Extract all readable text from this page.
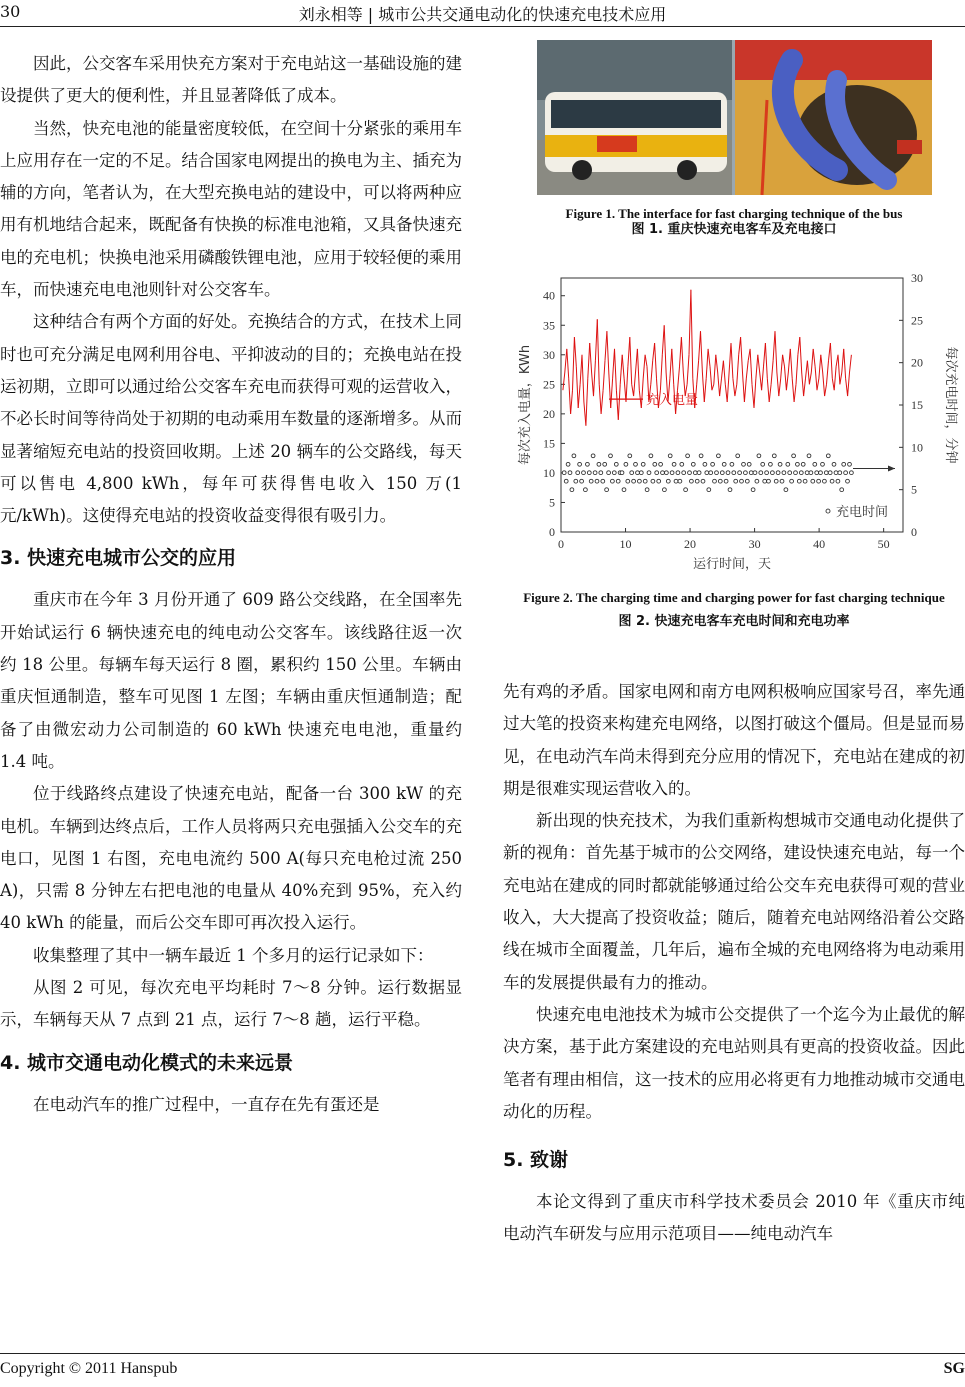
30	刘永相等 | 城市公共交通电动化的快速充电技术应用

因此，公交客车采用快充方案对于充电站这一基础设施的建设提供了更大的便利性，并且显著降低了成本。

当然，快充电池的能量密度较低，在空间十分紧张的乘用车上应用存在一定的不足。结合国家电网提出的换电为主、插充为辅的方向，笔者认为，在大型充换电站的建设中，可以将两种应用有机地结合起来，既配备有快换的标准电池箱，又具备快速充电的充电机；快换电池采用磷酸铁锂电池，应用于较轻便的乘用车，而快速充电电池则针对公交客车。

这种结合有两个方面的好处。充换结合的方式，在技术上同时也可充分满足电网利用谷电、平抑波动的目的；充换电站在投运初期，立即可以通过给公交客车充电而获得可观的运营收入，不必长时间等待尚处于初期的电动乘用车数量的逐渐增多。从而显著缩短充电站的投资回收期。上述 20 辆车的公交路线，每天可以售电 4,800 kWh，每年可获得售电收入 150 万(1 元/kWh)。这使得充电站的投资收益变得很有吸引力。

3. 快速充电城市公交的应用

重庆市在今年 3 月份开通了 609 路公交线路，在全国率先开始试运行 6 辆快速充电的纯电动公交客车。该线路往返一次约 18 公里。每辆车每天运行 8 圈，累积约 150 公里。车辆由重庆恒通制造，整车可见图 1 左图；车辆由重庆恒通制造；配备了由微宏动力公司制造的 60 kWh 快速充电电池，重量约 1.4 吨。

位于线路终点建设了快速充电站，配备一台 300 kW 的充电机。车辆到达终点后，工作人员将两只充电强插入公交车的充电口，见图 1 右图，充电电流约 500 A(每只充电枪过流 250 A)，只需 8 分钟左右把电池的电量从 40%充到 95%，充入约 40 kWh 的能量，而后公交车即可再次投入运行。

收集整理了其中一辆车最近 1 个多月的运行记录如下：

从图 2 可见，每次充电平均耗时 7～8 分钟。运行数据显示，车辆每天从 7 点到 21 点，运行 7～8 趟，运行平稳。

4. 城市交通电动化模式的未来远景

在电动汽车的推广过程中，一直存在先有蛋还是

Figure 1. The interface for fast charging technique of the bus
图 1. 重庆快速充电客车及充电接口
0
5
10
15
20
25
30
35
40
0
5
10
15
20
25
30
0	10	20	30	40	50
充入电量
充电时间
每次充入电量，KWh	每次充电时间，分钟
运行时间，天
Figure 2. The charging time and charging power for fast charging technique
图 2. 快速充电客车充电时间和充电功率

先有鸡的矛盾。国家电网和南方电网积极响应国家号召，率先通过大笔的投资来构建充电网络，以图打破这个僵局。但是显而易见，在电动汽车尚未得到充分应用的情况下，充电站在建成的初期是很难实现运营收入的。

新出现的快充技术，为我们重新构想城市交通电动化提供了新的视角：首先基于城市的公交网络，建设快速充电站，每一个充电站在建成的同时都就能够通过给公交车充电获得可观的营业收入，大大提高了投资收益；随后，随着充电站网络沿着公交路线在城市全面覆盖，几年后，遍布全城的充电网络将为电动乘用车的发展提供最有力的推动。

快速充电电池技术为城市公交提供了一个迄今为止最优的解决方案，基于此方案建设的充电站则具有更高的投资收益。因此笔者有理由相信，这一技术的应用必将更有力地推动城市交通电动化的历程。

5. 致谢

本论文得到了重庆市科学技术委员会 2010 年《重庆市纯电动汽车研发与应用示范项目——纯电动汽车

Copyright © 2011 Hanspub	SG
